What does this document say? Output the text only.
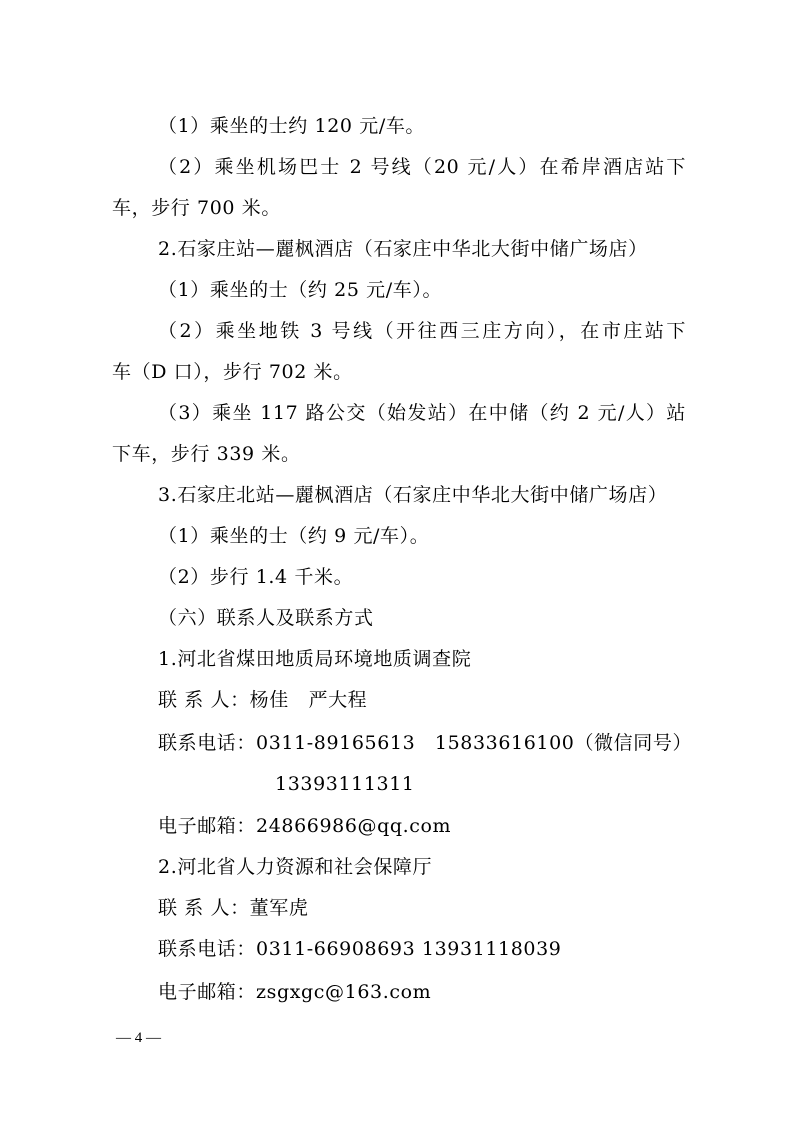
（1）乘坐的士约 120 元/车。
（2）乘坐机场巴士 2 号线（20 元/人）在希岸酒店站下
车，步行 700 米。
2.石家庄站—麗枫酒店（石家庄中华北大街中储广场店）
（1）乘坐的士（约 25 元/车）。
（2）乘坐地铁 3 号线（开往西三庄方向），在市庄站下
车（D 口），步行 702 米。
（3）乘坐 117 路公交（始发站）在中储（约 2 元/人）站
下车，步行 339 米。
3.石家庄北站—麗枫酒店（石家庄中华北大街中储广场店）
（1）乘坐的士（约 9 元/车）。
（2）步行 1.4 千米。
（六）联系人及联系方式
1.河北省煤田地质局环境地质调查院
联 系 人：杨佳　严大程
联系电话：0311-89165613　15833616100（微信同号）
13393111311
电子邮箱：24866986@qq.com
2.河北省人力资源和社会保障厅
联 系 人：董军虎
联系电话：0311-66908693 13931118039
电子邮箱：zsgxgc@163.com
— 4 —
